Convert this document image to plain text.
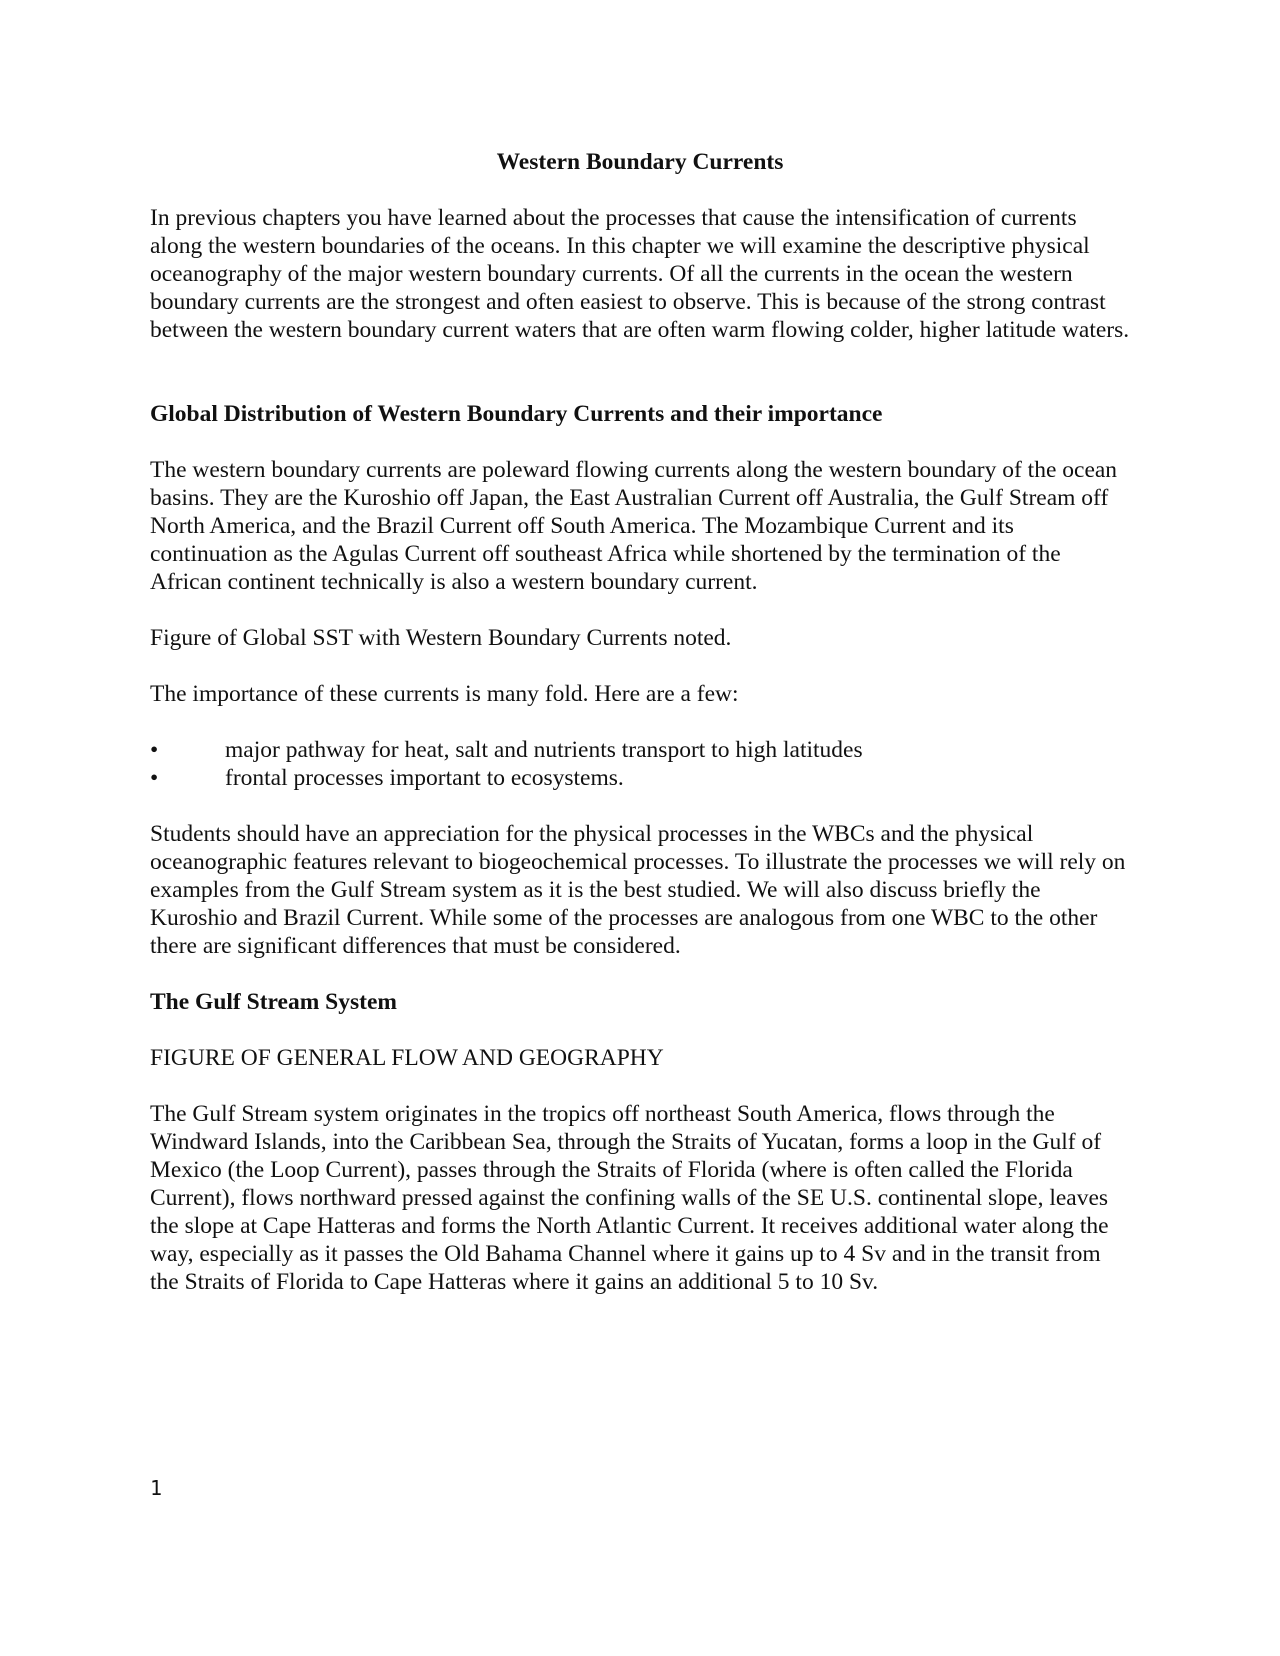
Western Boundary Currents

In previous chapters you have learned about the processes that cause the intensification of currents along the western boundaries of the oceans. In this chapter we will examine the descriptive physical oceanography of the major western boundary currents. Of all the currents in the ocean the western boundary currents are the strongest and often easiest to observe. This is because of the strong contrast between the western boundary current waters that are often warm flowing colder, higher latitude waters.

Global Distribution of Western Boundary Currents and their importance

The western boundary currents are poleward flowing currents along the western boundary of the ocean basins. They are the Kuroshio off Japan, the East Australian Current off Australia, the Gulf Stream off North America, and the Brazil Current off South America. The Mozambique Current and its continuation as the Agulas Current off southeast Africa while shortened by the termination of the African continent technically is also a western boundary current.

Figure of Global SST with Western Boundary Currents noted.

The importance of these currents is many fold. Here are a few:

•	major pathway for heat, salt and nutrients transport to high latitudes
•	frontal processes important to ecosystems.

Students should have an appreciation for the physical processes in the WBCs and the physical oceanographic features relevant to biogeochemical processes. To illustrate the processes we will rely on examples from the Gulf Stream system as it is the best studied. We will also discuss briefly the Kuroshio and Brazil Current. While some of the processes are analogous from one WBC to the other there are significant differences that must be considered.

The Gulf Stream System

FIGURE OF GENERAL FLOW AND GEOGRAPHY

The Gulf Stream system originates in the tropics off northeast South America, flows through the Windward Islands, into the Caribbean Sea, through the Straits of Yucatan, forms a loop in the Gulf of Mexico (the Loop Current), passes through the Straits of Florida (where is often called the Florida Current), flows northward pressed against the confining walls of the SE U.S. continental slope, leaves the slope at Cape Hatteras and forms the North Atlantic Current. It receives additional water along the way, especially as it passes the Old Bahama Channel where it gains up to 4 Sv and in the transit from the Straits of Florida to Cape Hatteras where it gains an additional 5 to 10 Sv.

1
